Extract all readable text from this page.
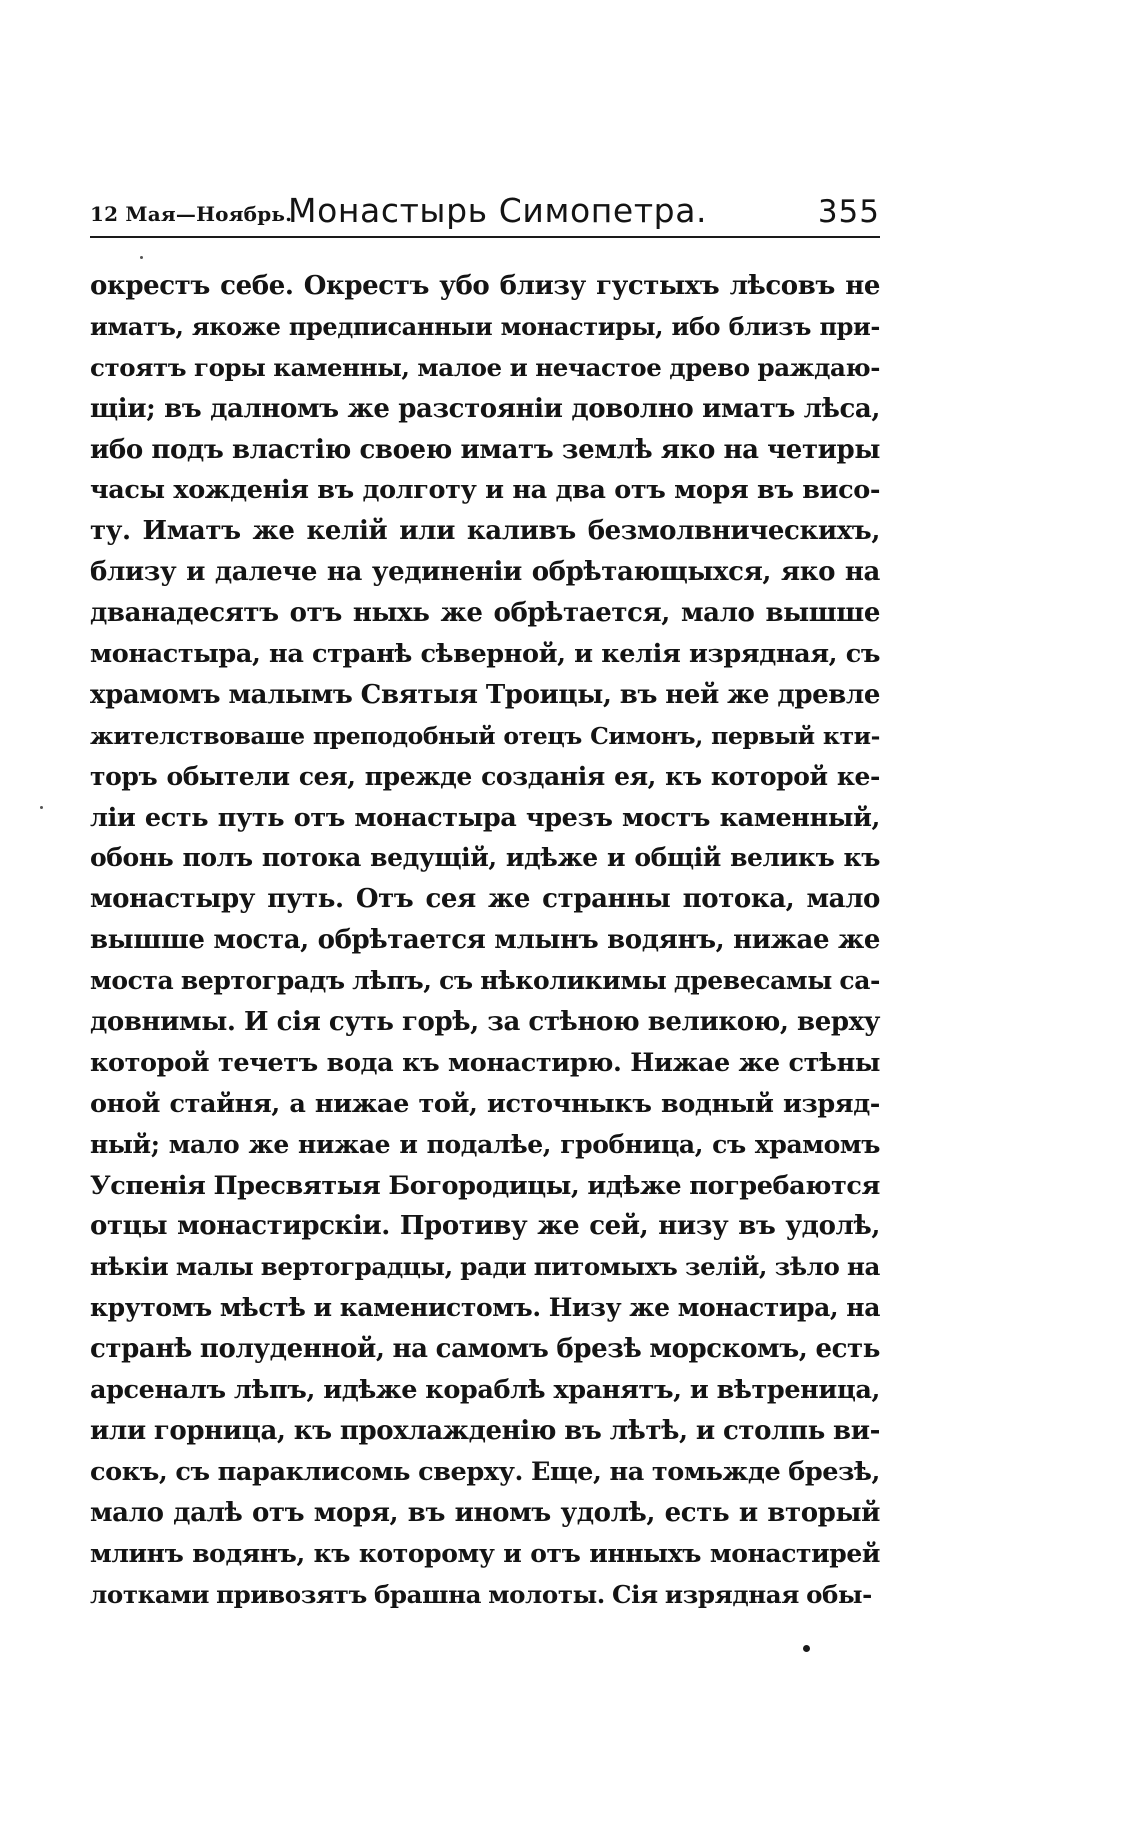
12 Мая—Ноябрь.
Монастырь Симопетра.	355
окрестъ себе. Окрестъ убо близу густыхъ лѣсовъ не
иматъ, якоже предписанныи монастиры, ибо близъ при-
стоятъ горы каменны, малое и нечастое древо раждаю-
щіи; въ далномъ же разстояніи доволно иматъ лѣса,
ибо подъ властію своею иматъ землѣ яко на четиры
часы хожденія въ долготу и на два отъ моря въ висо-
ту. Иматъ же келій или каливъ безмолвническихъ,
близу и далече на уединеніи обрѣтающыхся, яко на
дванадесятъ отъ ныхь же обрѣтается, мало вышше
монастыра, на странѣ сѣверной, и келія изрядная, съ
храмомъ малымъ Святыя Троицы, въ ней же древле
жителствоваше преподобный отецъ Симонъ, первый кти-
торъ обытели сея, прежде созданія ея, къ которой ке-
ліи есть путь отъ монастыра чрезъ мостъ каменный,
обонь полъ потока ведущій, идѣже и общій великъ къ
монастыру путь. Отъ сея же странны потока, мало
вышше моста, обрѣтается млынъ водянъ, нижае же
моста вертоградъ лѣпъ, съ нѣколикимы древесамы са-
довнимы. И сія суть горѣ, за стѣною великою, верху
которой течетъ вода къ монастирю. Нижае же стѣны
оной стайня, а нижае той, источныкъ водный изряд-
ный; мало же нижае и подалѣе, гробница, съ храмомъ
Успенія Пресвятыя Богородицы, идѣже погребаются
отцы монастирскіи. Противу же сей, низу въ удолѣ,
нѣкіи малы вертоградцы, ради питомыхъ зелій, зѣло на
крутомъ мѣстѣ и каменистомъ. Низу же монастира, на
странѣ полуденной, на самомъ брезѣ морскомъ, есть
арсеналъ лѣпъ, идѣже кораблѣ хранятъ, и вѣтреница,
или горница, къ прохлажденію въ лѣтѣ, и столпь ви-
сокъ, съ параклисомь сверху. Еще, на томьжде брезѣ,
мало далѣ отъ моря, въ иномъ удолѣ, есть и вторый
млинъ водянъ, къ которому и отъ инныхъ монастирей
лотками привозятъ брашна молоты. Сія изрядная обы-
